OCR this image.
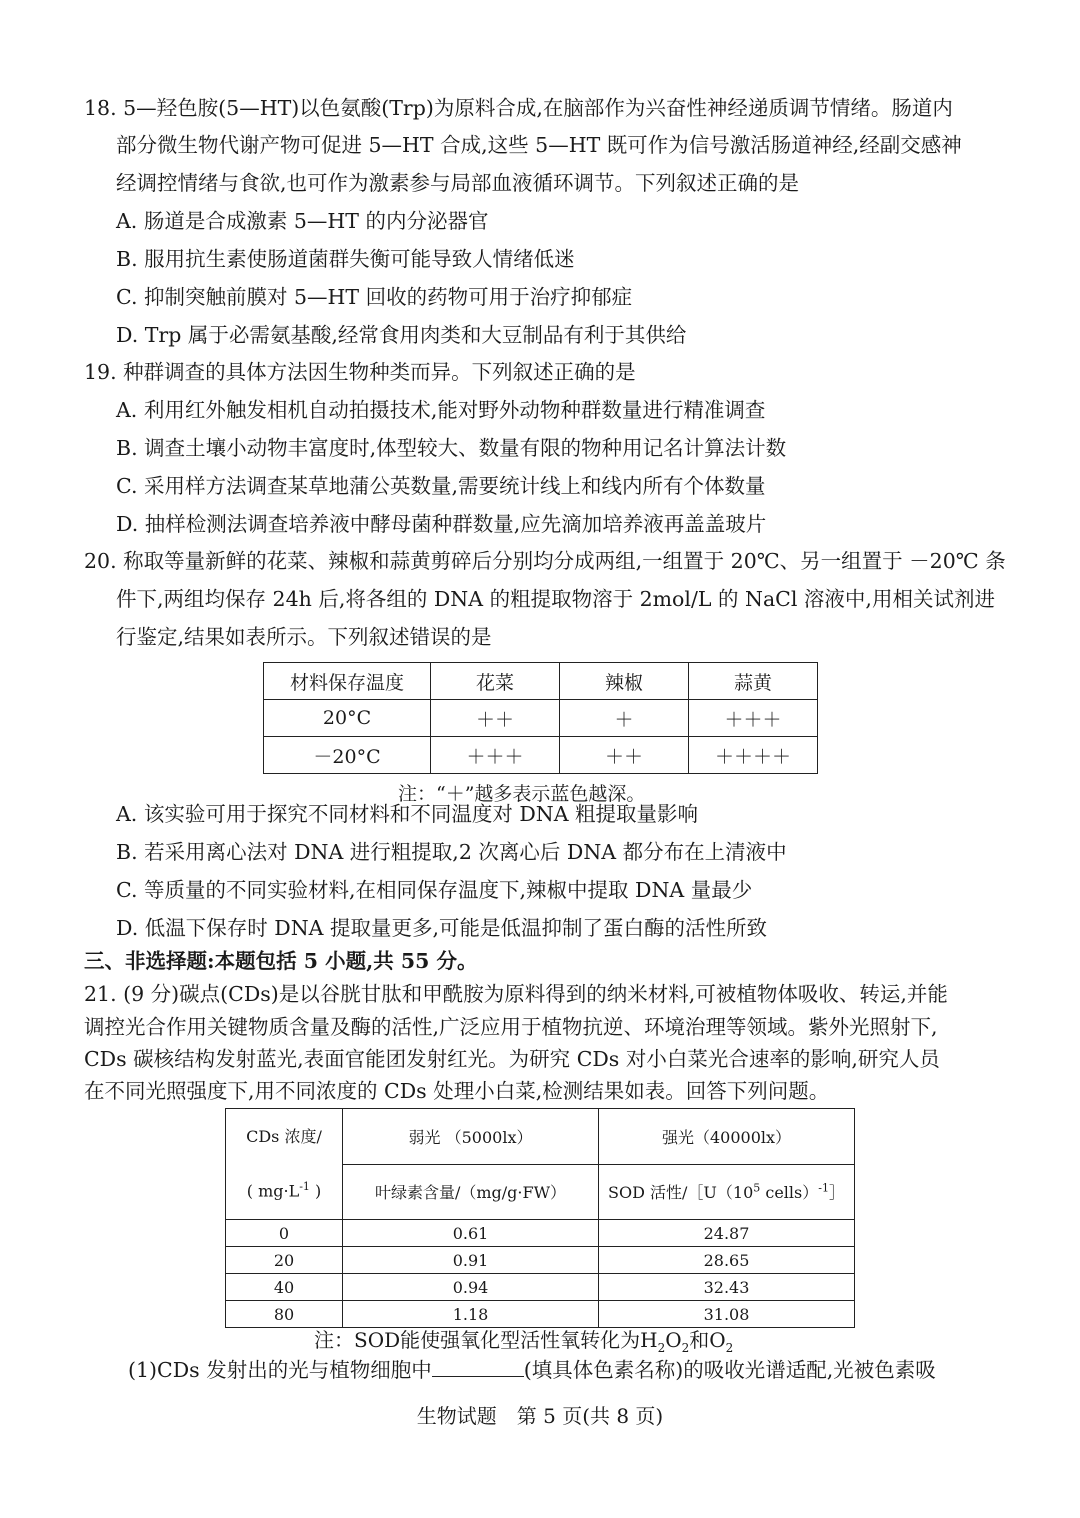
18. 5—羟色胺(5—HT)以色氨酸(Trp)为原料合成,在脑部作为兴奋性神经递质调节情绪。肠道内
部分微生物代谢产物可促进 5—HT 合成,这些 5—HT 既可作为信号激活肠道神经,经副交感神
经调控情绪与食欲,也可作为激素参与局部血液循环调节。下列叙述正确的是
A. 肠道是合成激素 5—HT 的内分泌器官
B. 服用抗生素使肠道菌群失衡可能导致人情绪低迷
C. 抑制突触前膜对 5—HT 回收的药物可用于治疗抑郁症
D. Trp 属于必需氨基酸,经常食用肉类和大豆制品有利于其供给
19. 种群调查的具体方法因生物种类而异。下列叙述正确的是
A. 利用红外触发相机自动拍摄技术,能对野外动物种群数量进行精准调查
B. 调查土壤小动物丰富度时,体型较大、数量有限的物种用记名计算法计数
C. 采用样方法调查某草地蒲公英数量,需要统计线上和线内所有个体数量
D. 抽样检测法调查培养液中酵母菌种群数量,应先滴加培养液再盖盖玻片
20. 称取等量新鲜的花菜、辣椒和蒜黄剪碎后分别均分成两组,一组置于 20℃、另一组置于 －20℃ 条
件下,两组均保存 24h 后,将各组的 DNA 的粗提取物溶于 2mol/L 的 NaCl 溶液中,用相关试剂进
行鉴定,结果如表所示。下列叙述错误的是
材料保存温度	花菜	辣椒	蒜黄
20°C	＋＋	＋	＋＋＋
－20°C	＋＋＋	＋＋	＋＋＋＋
注：“＋”越多表示蓝色越深。
A. 该实验可用于探究不同材料和不同温度对 DNA 粗提取量影响
B. 若采用离心法对 DNA 进行粗提取,2 次离心后 DNA 都分布在上清液中
C. 等质量的不同实验材料,在相同保存温度下,辣椒中提取 DNA 量最少
D. 低温下保存时 DNA 提取量更多,可能是低温抑制了蛋白酶的活性所致
三、非选择题:本题包括 5 小题,共 55 分。
21. (9 分)碳点(CDs)是以谷胱甘肽和甲酰胺为原料得到的纳米材料,可被植物体吸收、转运,并能
调控光合作用关键物质含量及酶的活性,广泛应用于植物抗逆、环境治理等领域。紫外光照射下,
CDs 碳核结构发射蓝光,表面官能团发射红光。为研究 CDs 对小白菜光合速率的影响,研究人员
在不同光照强度下,用不同浓度的 CDs 处理小白菜,检测结果如表。回答下列问题。
CDs 浓度/
( $mg\cdot L^{-1}$ )	弱光 （5000lx）	强光（40000lx）
	叶绿素含量/（mg/g·FW）	SOD 活性$/[U(10^5$ cells）$^{-1}$］
0	0.61	24.87
20	0.91	28.65
40	0.94	32.43
80	1.18	31.08
注：SOD能使强氧化型活性氧转化为$H_2O_2$和$O_2$
(1)CDs 发射出的光与植物细胞中	(填具体色素名称)的吸收光谱适配,光被色素吸
生物试题　第 5 页(共 8 页)
